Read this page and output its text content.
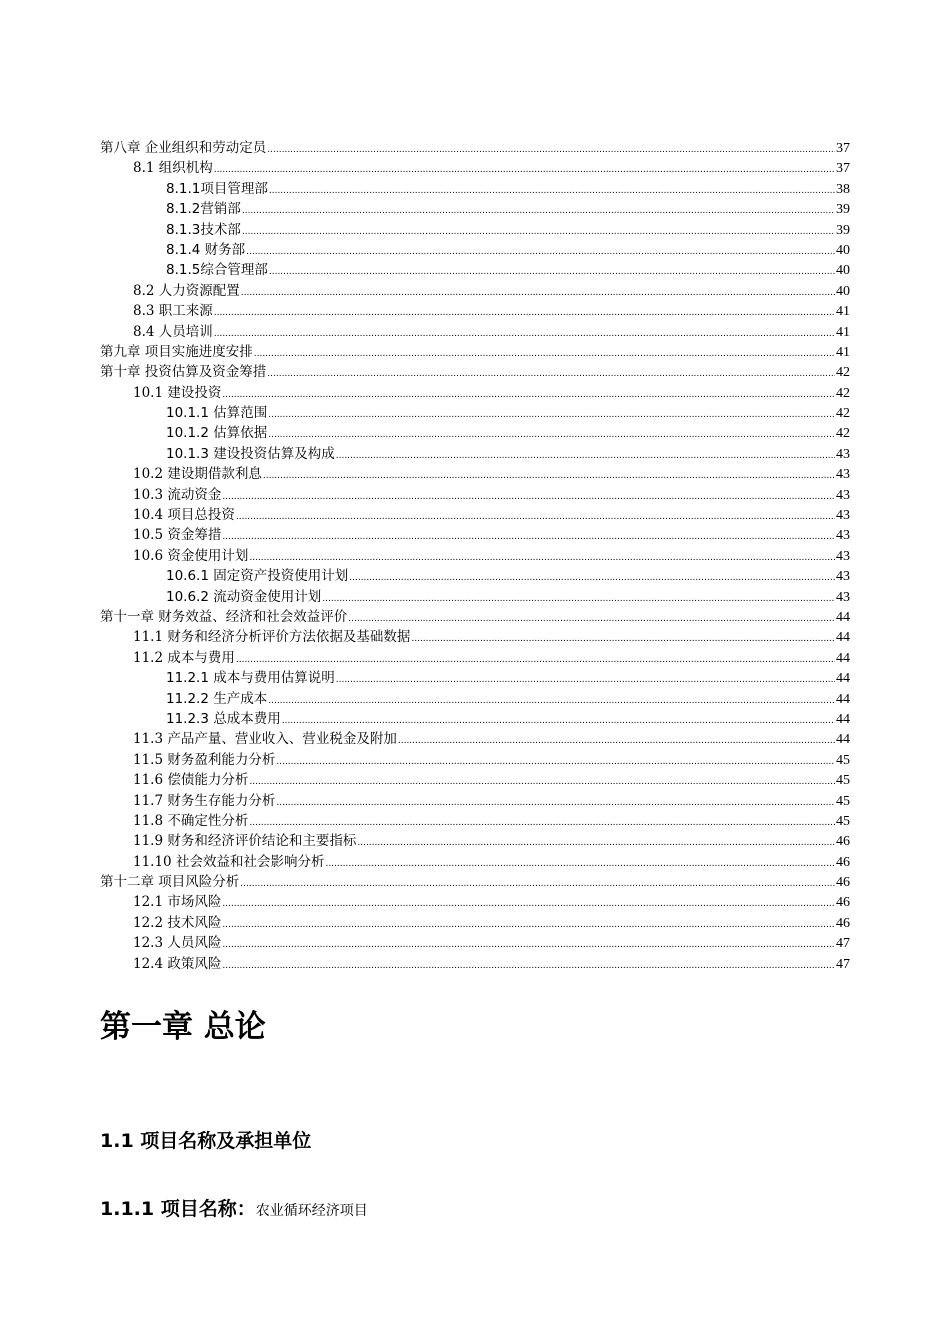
第八章 企业组织和劳动定员 .....	37
8.1 组织机构 .....	37
8.1.1项目管理部 .....	38
8.1.2营销部 .....	39
8.1.3技术部 .....	39
8.1.4 财务部 .....	40
8.1.5综合管理部 .....	40
8.2 人力资源配置 .....	40
8.3 职工来源 .....	41
8.4 人员培训 .....	41
第九章 项目实施进度安排 .....	41
第十章 投资估算及资金筹措 .....	42
10.1 建设投资 .....	42
10.1.1 估算范围 .....	42
10.1.2 估算依据 .....	42
10.1.3 建设投资估算及构成 .....	43
10.2 建设期借款利息 .....	43
10.3 流动资金 .....	43
10.4 项目总投资 .....	43
10.5 资金筹措 .....	43
10.6 资金使用计划 .....	43
10.6.1 固定资产投资使用计划 .....	43
10.6.2 流动资金使用计划 .....	43
第十一章 财务效益、经济和社会效益评价 .....	44
11.1 财务和经济分析评价方法依据及基础数据 .....	44
11.2 成本与费用 .....	44
11.2.1 成本与费用估算说明 .....	44
11.2.2 生产成本 .....	44
11.2.3 总成本费用 .....	44
11.3 产品产量、营业收入、营业税金及附加 .....	44
11.5 财务盈利能力分析 .....	45
11.6 偿债能力分析 .....	45
11.7 财务生存能力分析 .....	45
11.8 不确定性分析 .....	45
11.9 财务和经济评价结论和主要指标 .....	46
11.10 社会效益和社会影响分析 .....	46
第十二章 项目风险分析 .....	46
12.1 市场风险 .....	46
12.2 技术风险 .....	46
12.3 人员风险 .....	47
12.4 政策风险 .....	47
第一章 总论
1.1 项目名称及承担单位

1.1.1 项目名称：农业循环经济项目
